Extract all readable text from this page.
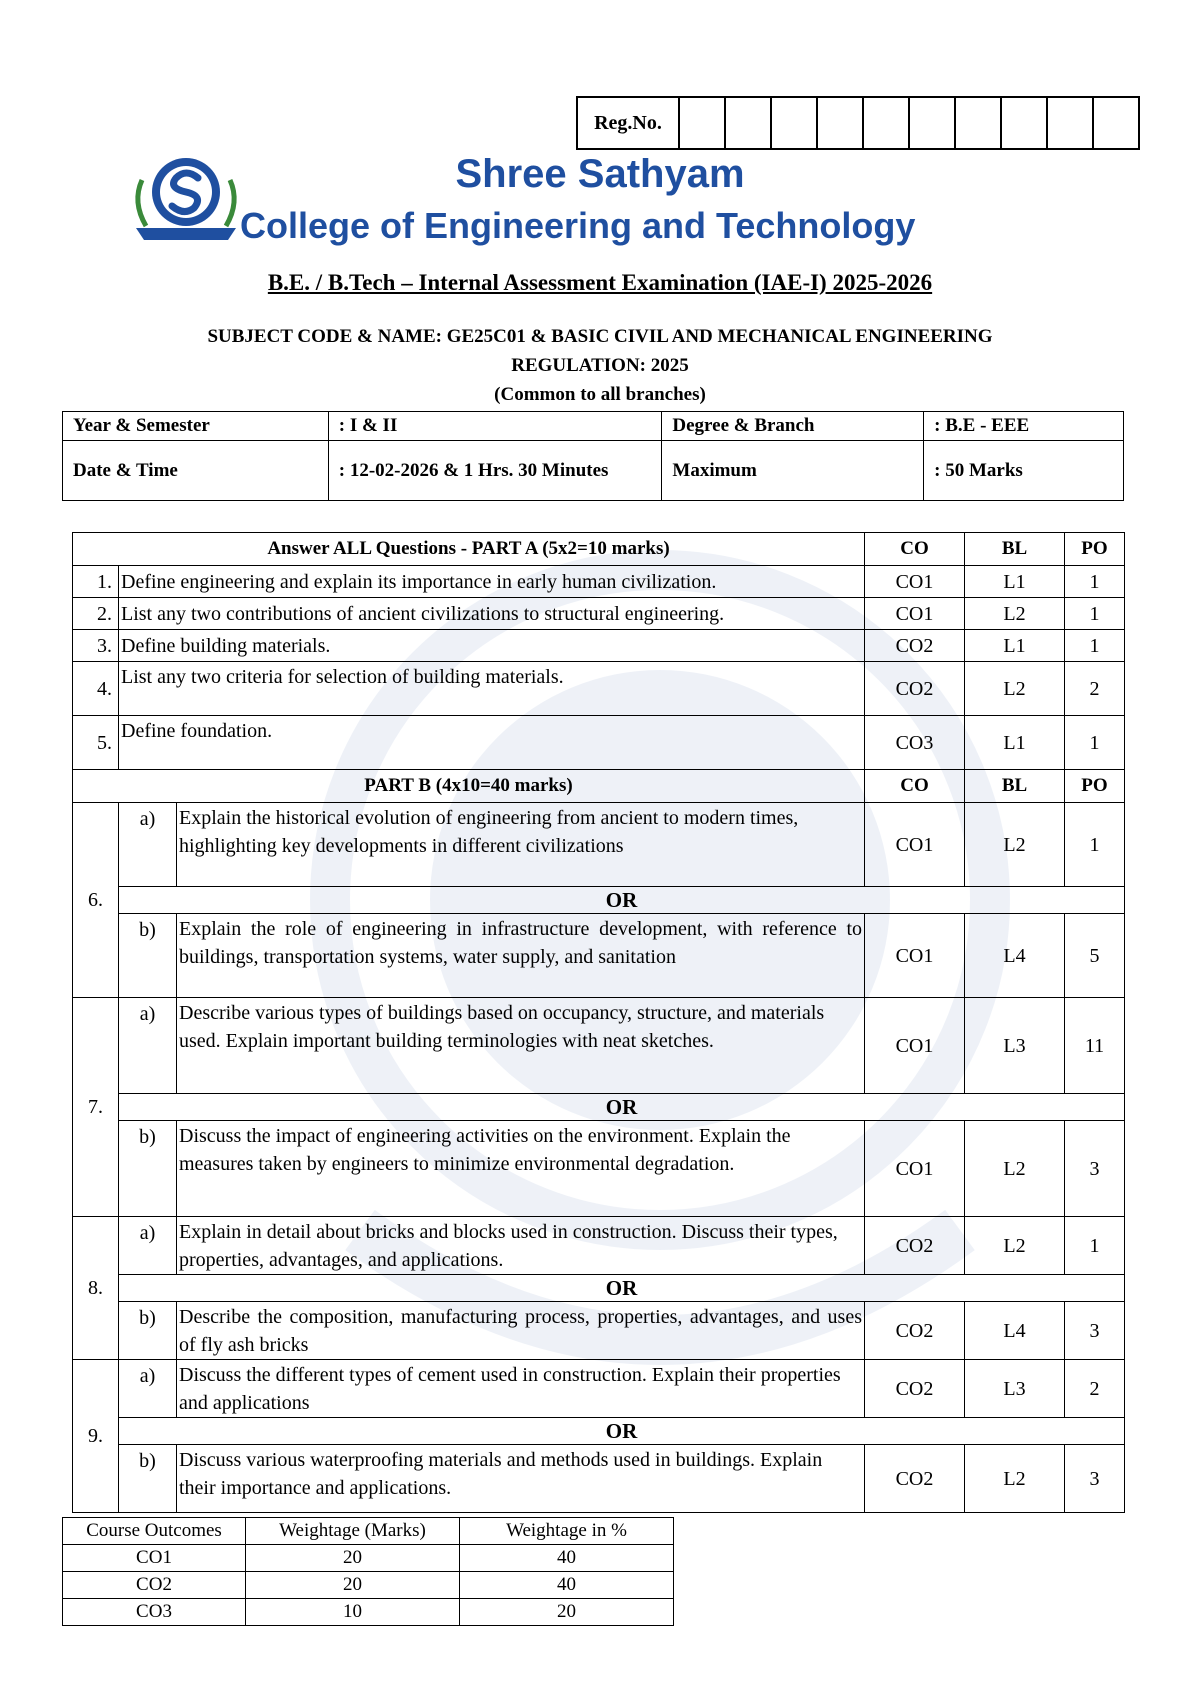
Reg.No.										
Shree Sathyam
College of Engineering and Technology
B.E. / B.Tech – Internal Assessment Examination (IAE-I) 2025-2026
SUBJECT CODE & NAME: GE25C01 & BASIC CIVIL AND MECHANICAL ENGINEERING
REGULATION: 2025
(Common to all branches)
Year & Semester	: I & II	Degree & Branch	: B.E - EEE
Date & Time	: 12-02-2026 & 1 Hrs. 30 Minutes	Maximum	: 50 Marks
Answer ALL Questions - PART A (5x2=10 marks)			CO	BL	PO
1.	Define engineering and explain its importance in early human civilization.		CO1	L1	1
2.	List any two contributions of ancient civilizations to structural engineering.		CO1	L2	1
3.	Define building materials.		CO2	L1	1
4.	List any two criteria for selection of building materials.		CO2	L2	2
5.	Define foundation.		CO3	L1	1
PART B (4x10=40 marks)			CO	BL	PO
6.	a)	Explain the historical evolution of engineering from ancient to modern times, highlighting key developments in different civilizations	CO1	L2	1
	OR				
	b)	Explain the role of engineering in infrastructure development, with reference to buildings, transportation systems, water supply, and sanitation	CO1	L4	5
7.	a)	Describe various types of buildings based on occupancy, structure, and materials used. Explain important building terminologies with neat sketches.	CO1	L3	11
	OR				
	b)	Discuss the impact of engineering activities on the environment. Explain the measures taken by engineers to minimize environmental degradation.	CO1	L2	3
8.	a)	Explain in detail about bricks and blocks used in construction. Discuss their types, properties, advantages, and applications.	CO2	L2	1
	OR				
	b)	Describe the composition, manufacturing process, properties, advantages, and uses of fly ash bricks	CO2	L4	3
9.	a)	Discuss the different types of cement used in construction. Explain their properties and applications	CO2	L3	2
	OR				
	b)	Discuss various waterproofing materials and methods used in buildings. Explain their importance and applications.	CO2	L2	3
Course Outcomes	Weightage (Marks)	Weightage in %
CO1	20	40
CO2	20	40
CO3	10	20
